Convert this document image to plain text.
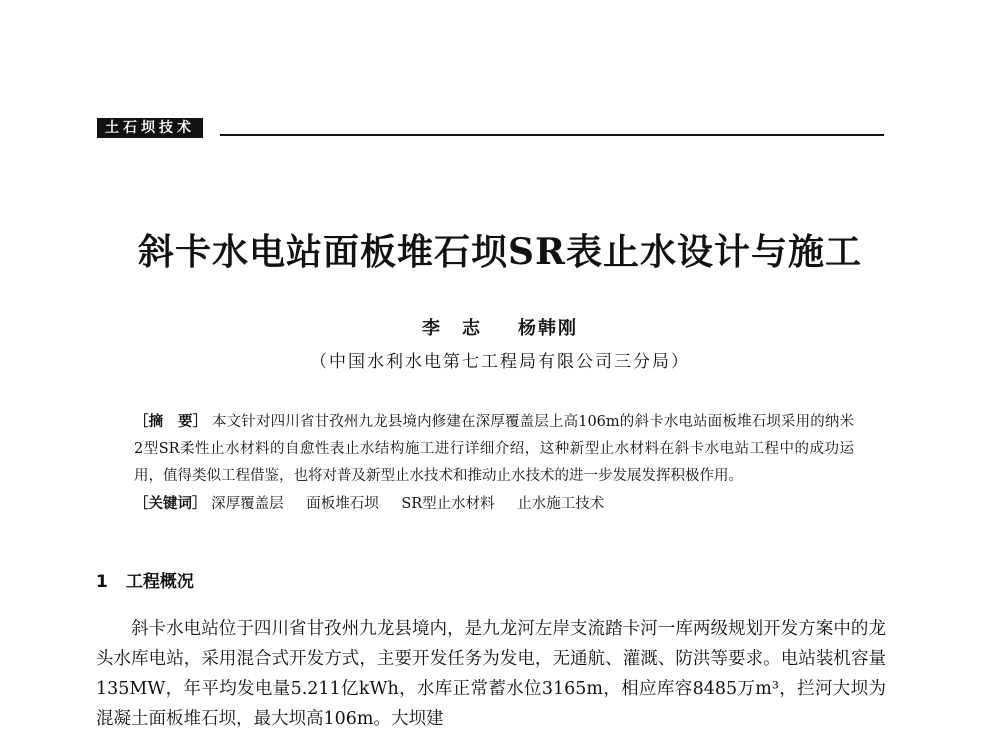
土石坝技术
斜卡水电站面板堆石坝SR表止水设计与施工
李　志 杨韩刚
（中国水利水电第七工程局有限公司三分局）

［摘　要］ 本文针对四川省甘孜州九龙县境内修建在深厚覆盖层上高106m的斜卡水电站面板堆石坝采用的纳米2型SR柔性止水材料的自愈性表止水结构施工进行详细介绍，这种新型止水材料在斜卡水电站工程中的成功运用，值得类似工程借鉴，也将对普及新型止水技术和推动止水技术的进一步发展发挥积极作用。

［关键词］ 深厚覆盖层 面板堆石坝 SR型止水材料 止水施工技术

1 工程概况

斜卡水电站位于四川省甘孜州九龙县境内，是九龙河左岸支流踏卡河一库两级规划开发方案中的龙头水库电站，采用混合式开发方式，主要开发任务为发电，无通航、灌溉、防洪等要求。电站装机容量135MW，年平均发电量5.211亿kWh，水库正常蓄水位3165m，相应库容8485万m³，拦河大坝为混凝土面板堆石坝，最大坝高106m。大坝建
